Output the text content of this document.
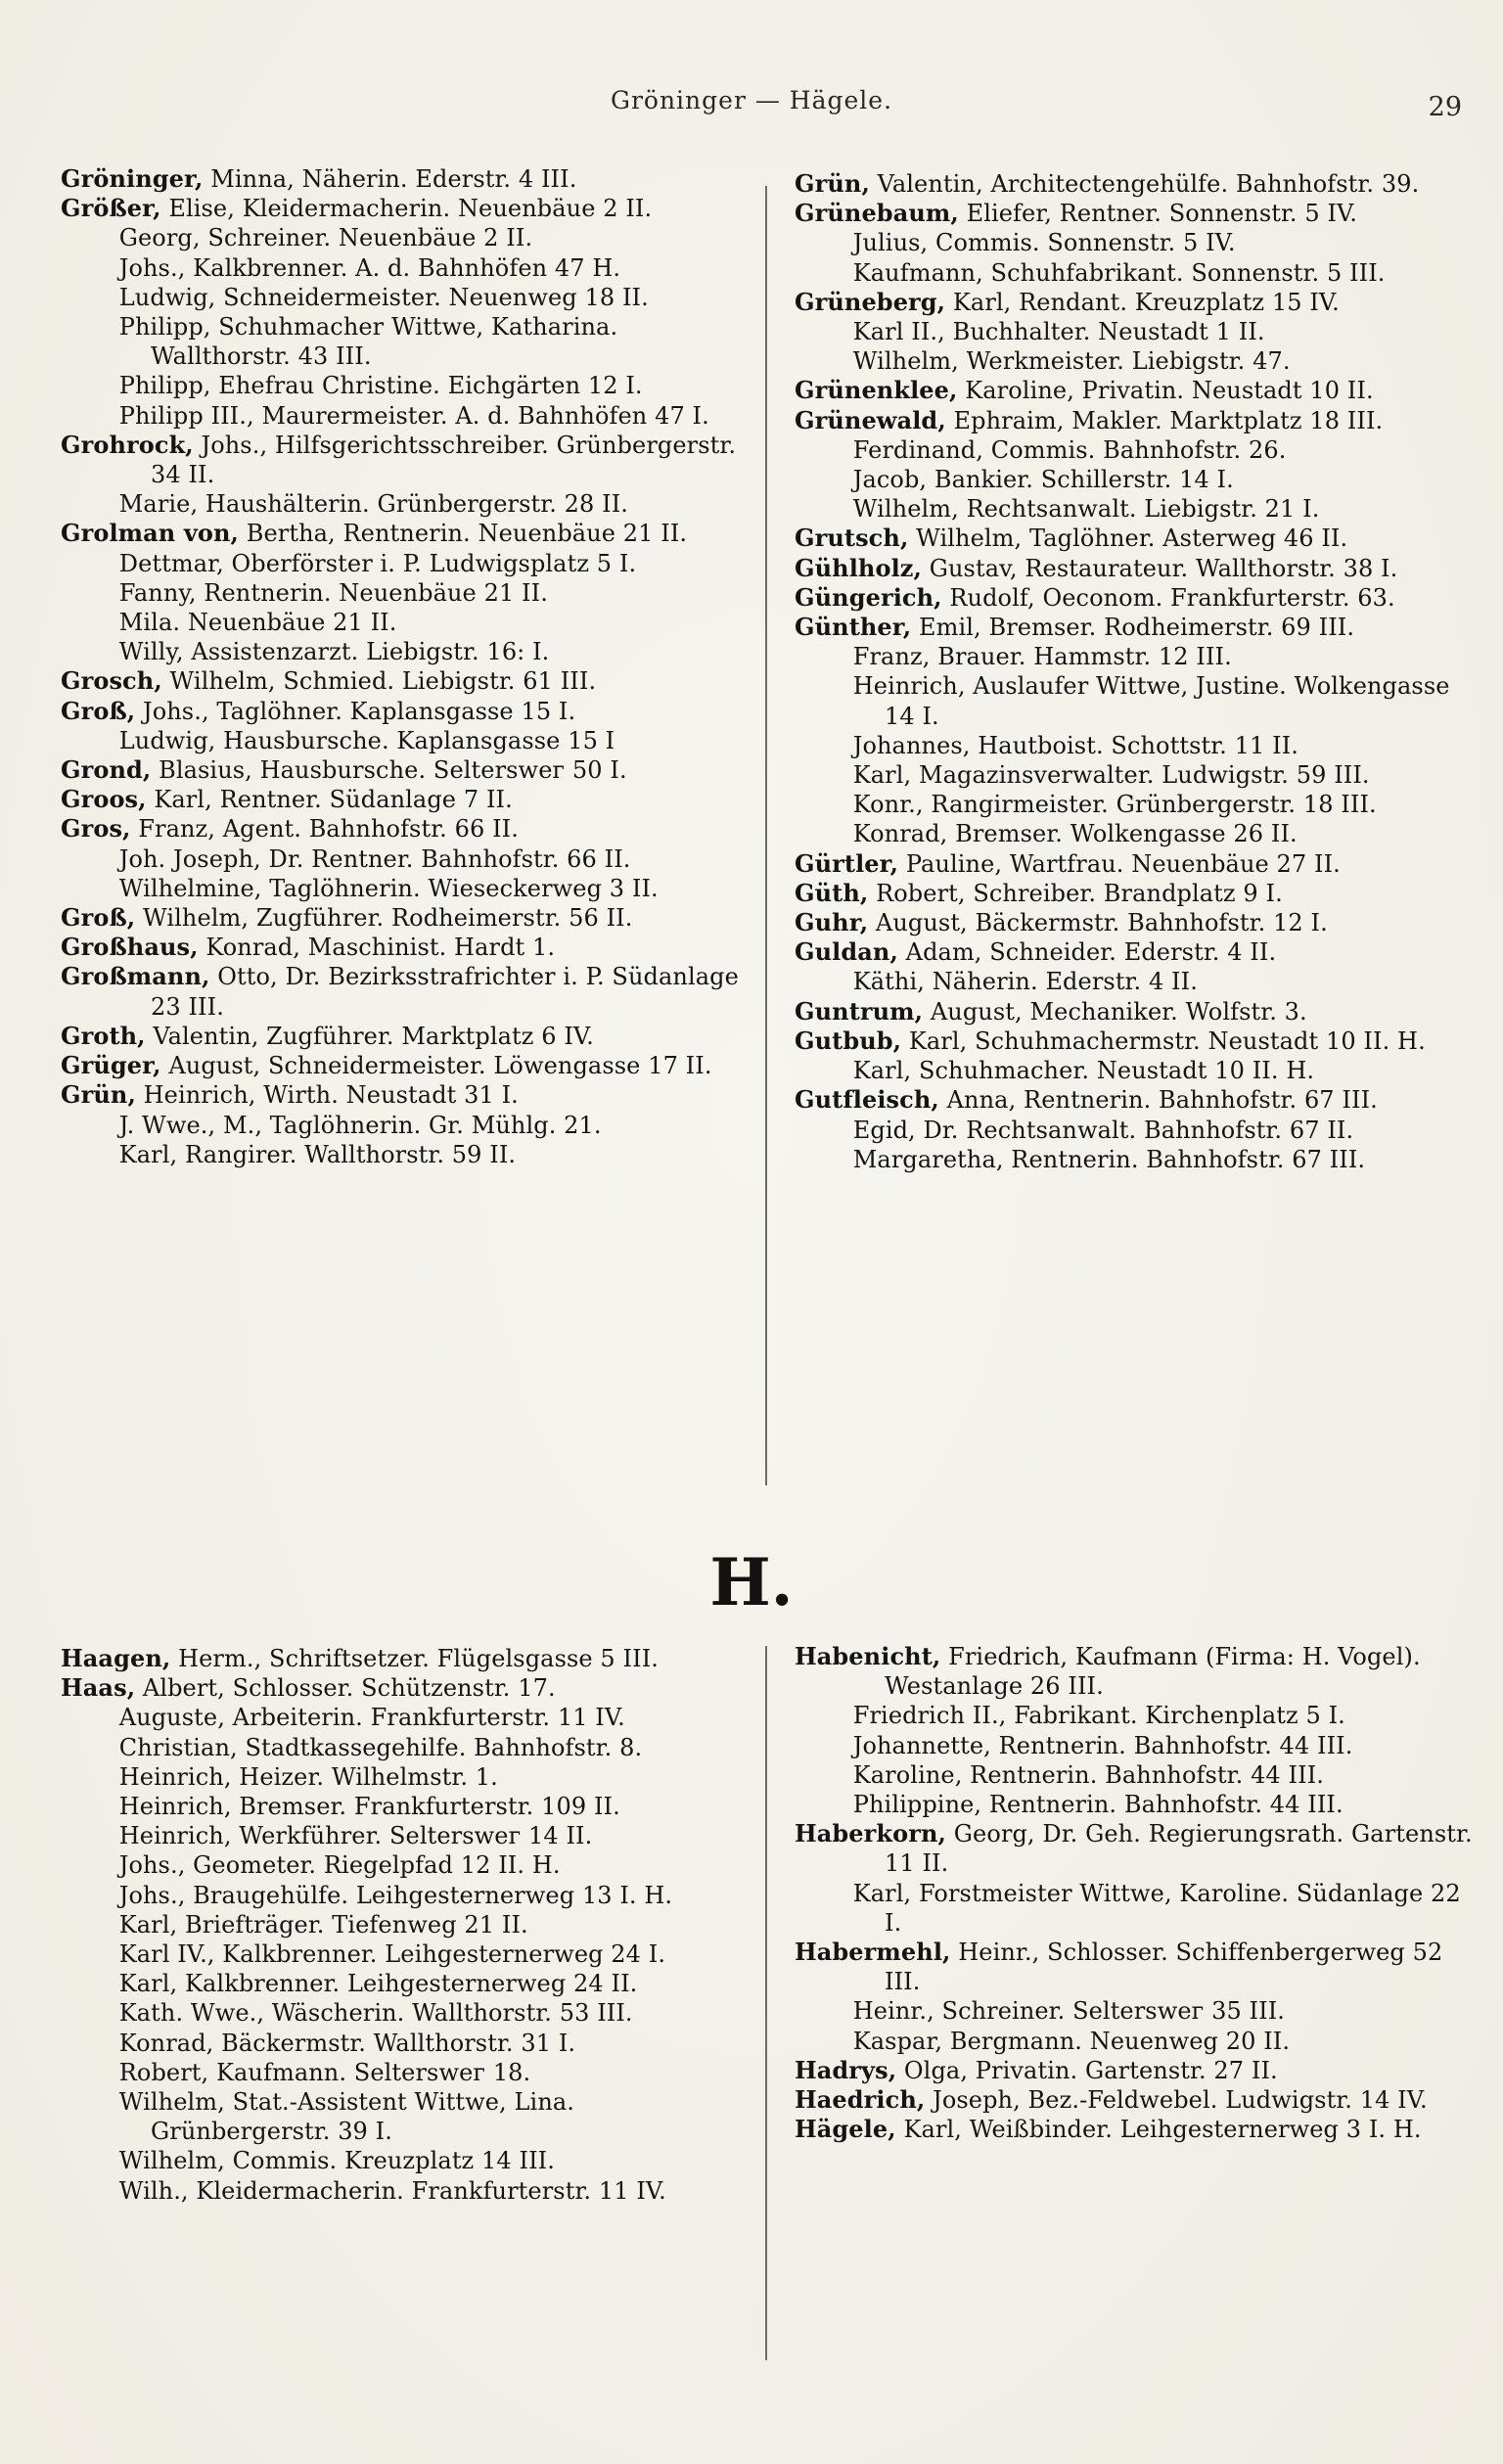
Gröninger — Hägele.	29
Gröninger, Minna, Näherin. Ederstr. 4 III.
Größer, Elise, Kleidermacherin. Neuenbäue 2 II.
Georg, Schreiner. Neuenbäue 2 II.
Johs., Kalkbrenner. A. d. Bahnhöfen 47 H.
Ludwig, Schneidermeister. Neuenweg 18 II.
Philipp, Schuhmacher Wittwe, Katharina. Wallthorstr. 43 III.
Philipp, Ehefrau Christine. Eichgärten 12 I.
Philipp III., Maurermeister. A. d. Bahnhöfen 47 I.
Grohrock, Johs., Hilfsgerichtsschreiber. Grünbergerstr. 34 II.
Marie, Haushälterin. Grünbergerstr. 28 II.
Grolman von, Bertha, Rentnerin. Neuenbäue 21 II.
Dettmar, Oberförster i. P. Ludwigsplatz 5 I.
Fanny, Rentnerin. Neuenbäue 21 II.
Mila. Neuenbäue 21 II.
Willy, Assistenzarzt. Liebigstr. 16: I.
Grosch, Wilhelm, Schmied. Liebigstr. 61 III.
Groß, Johs., Taglöhner. Kaplansgasse 15 I.
Ludwig, Hausbursche. Kaplansgasse 15 I
Grond, Blasius, Hausbursche. Selterswег 50 I.
Groos, Karl, Rentner. Südanlage 7 II.
Gros, Franz, Agent. Bahnhofstr. 66 II.
Joh. Joseph, Dr. Rentner. Bahnhofstr. 66 II.
Wilhelmine, Taglöhnerin. Wieseckerweg 3 II.
Groß, Wilhelm, Zugführer. Rodheimerstr. 56 II.
Großhaus, Konrad, Maschinist. Hardt 1.
Großmann, Otto, Dr. Bezirksstrafrichter i. P. Südanlage 23 III.
Groth, Valentin, Zugführer. Marktplatz 6 IV.
Grüger, August, Schneidermeister. Löwengasse 17 II.
Grün, Heinrich, Wirth. Neustadt 31 I.
J. Wwe., M., Taglöhnerin. Gr. Mühlg. 21.
Karl, Rangirer. Wallthorstr. 59 II.
Grün, Valentin, Architectengehülfe. Bahnhofstr. 39.
Grünebaum, Eliefer, Rentner. Sonnenstr. 5 IV.
Julius, Commis. Sonnenstr. 5 IV.
Kaufmann, Schuhfabrikant. Sonnenstr. 5 III.
Grüneberg, Karl, Rendant. Kreuzplatz 15 IV.
Karl II., Buchhalter. Neustadt 1 II.
Wilhelm, Werkmeister. Liebigstr. 47.
Grünenklee, Karoline, Privatin. Neustadt 10 II.
Grünewald, Ephraim, Makler. Marktplatz 18 III.
Ferdinand, Commis. Bahnhofstr. 26.
Jacob, Bankier. Schillerstr. 14 I.
Wilhelm, Rechtsanwalt. Liebigstr. 21 I.
Grutsch, Wilhelm, Taglöhner. Asterweg 46 II.
Gühlholz, Gustav, Restaurateur. Wallthorstr. 38 I.
Güngerich, Rudolf, Oeconom. Frankfurterstr. 63.
Günther, Emil, Bremser. Rodheimerstr. 69 III.
Franz, Brauer. Hammstr. 12 III.
Heinrich, Auslaufer Wittwe, Justine. Wolkengasse 14 I.
Johannes, Hautboist. Schottstr. 11 II.
Karl, Magazinsverwalter. Ludwigstr. 59 III.
Konr., Rangirmeister. Grünbergerstr. 18 III.
Konrad, Bremser. Wolkengasse 26 II.
Gürtler, Pauline, Wartfrau. Neuenbäue 27 II.
Güth, Robert, Schreiber. Brandplatz 9 I.
Guhr, August, Bäckermstr. Bahnhofstr. 12 I.
Guldan, Adam, Schneider. Ederstr. 4 II.
Käthi, Näherin. Ederstr. 4 II.
Guntrum, August, Mechaniker. Wolfstr. 3.
Gutbub, Karl, Schuhmachermstr. Neustadt 10 II. H.
Karl, Schuhmacher. Neustadt 10 II. H.
Gutfleisch, Anna, Rentnerin. Bahnhofstr. 67 III.
Egid, Dr. Rechtsanwalt. Bahnhofstr. 67 II.
Margaretha, Rentnerin. Bahnhofstr. 67 III.
H.
Haagen, Herm., Schriftsetzer. Flügelsgasse 5 III.
Haas, Albert, Schlosser. Schützenstr. 17.
Auguste, Arbeiterin. Frankfurterstr. 11 IV.
Christian, Stadtkassegehilfe. Bahnhofstr. 8.
Heinrich, Heizer. Wilhelmstr. 1.
Heinrich, Bremser. Frankfurterstr. 109 II.
Heinrich, Werkführer. Selterswег 14 II.
Johs., Geometer. Riegelpfad 12 II. H.
Johs., Braugehülfe. Leihgesternerweg 13 I. H.
Karl, Briefträger. Tiefenweg 21 II.
Karl IV., Kalkbrenner. Leihgesternerweg 24 I.
Karl, Kalkbrenner. Leihgesternerweg 24 II.
Kath. Wwe., Wäscherin. Wallthorstr. 53 III.
Konrad, Bäckermstr. Wallthorstr. 31 I.
Robert, Kaufmann. Selterswег 18.
Wilhelm, Stat.-Assistent Wittwe, Lina. Grünbergerstr. 39 I.
Wilhelm, Commis. Kreuzplatz 14 III.
Wilh., Kleidermacherin. Frankfurterstr. 11 IV.
Habenicht, Friedrich, Kaufmann (Firma: H. Vogel). Westanlage 26 III.
Friedrich II., Fabrikant. Kirchenplatz 5 I.
Johannette, Rentnerin. Bahnhofstr. 44 III.
Karoline, Rentnerin. Bahnhofstr. 44 III.
Philippine, Rentnerin. Bahnhofstr. 44 III.
Haberkorn, Georg, Dr. Geh. Regierungsrath. Gartenstr. 11 II.
Karl, Forstmeister Wittwe, Karoline. Südanlage 22 I.
Habermehl, Heinr., Schlosser. Schiffenbergerweg 52 III.
Heinr., Schreiner. Selterswег 35 III.
Kaspar, Bergmann. Neuenweg 20 II.
Hadrys, Olga, Privatin. Gartenstr. 27 II.
Haedrich, Joseph, Bez.-Feldwebel. Ludwigstr. 14 IV.
Hägele, Karl, Weißbinder. Leihgesternerweg 3 I. H.
